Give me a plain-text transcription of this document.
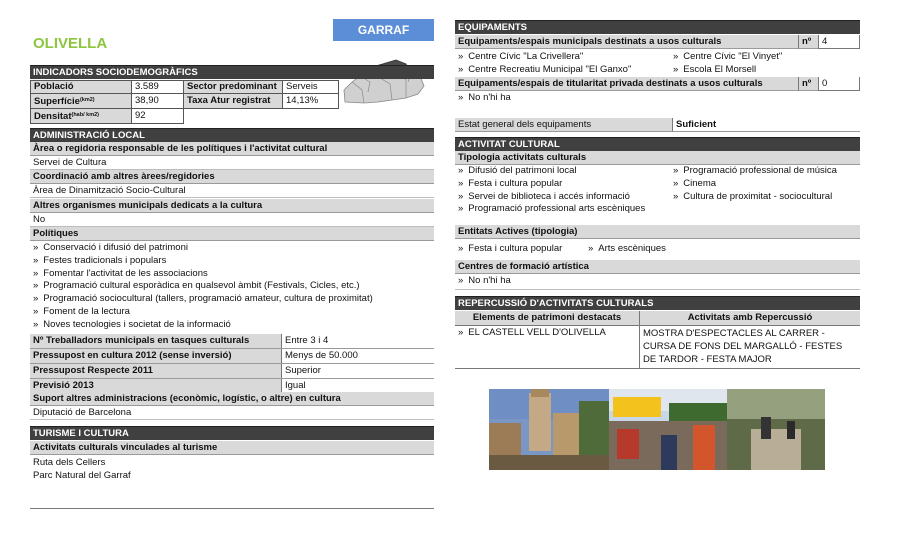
OLIVELLA
GARRAF
INDICADORS SOCIODEMOGRÀFICS
Població	3.589	Sector predominant	Serveis
Superfície$^{(km2)}$	38,90	Taxa Atur registrat	14,13%
Densitat$^{(hab/ km2)}$	92		
ADMINISTRACIÓ LOCAL
Àrea o regidoria responsable de les polítiques i l'activitat cultural
Servei de Cultura
Coordinació amb altres àrees/regidories
Àrea de Dinamització Socio-Cultural
Altres organismes municipals dedicats a la cultura
No
Polítiques
» Conservació i difusió del patrimoni
» Festes tradicionals i populars
» Fomentar l'activitat de les associacions
» Programació cultural esporàdica en qualsevol àmbit (Festivals, Cicles, etc.)
» Programació sociocultural (tallers, programació amateur, cultura de proximitat)
» Foment de la lectura
» Noves tecnologies i societat de la informació
Nº Treballadors municipals en tasques culturals	Entre 3 i 4
Pressupost en cultura 2012 (sense inversió)	Menys de 50.000
Pressupost Respecte 2011	Superior
Previsió 2013	Igual
Suport altres administracions (econòmic, logístic, o altre) en cultura
Diputació de Barcelona
TURISME I CULTURA
Activitats culturals vinculades al turisme
Ruta dels Cellers
Parc Natural del Garraf
EQUIPAMENTS
Equipaments/espais municipals destinats a usos culturals	nº	4
» Centre Cívic "La Crivellera"
» Centre Recreatiu Municipal "El Ganxo"
» Centre Cívic "El Vinyet"
» Escola El Morsell
Equipaments/espais de titularitat privada destinats a usos culturals	nº	0
» No n'hi ha
Estat general dels equipaments	Suficient
ACTIVITAT CULTURAL
Tipologia activitats culturals
» Difusió del patrimoni local
» Festa i cultura popular
» Servei de biblioteca i accés informació
» Programació professional arts escèniques
» Programació professional de música
» Cinema
» Cultura de proximitat - sociocultural
Entitats Actives (tipologia)
» Festa i cultura popular	» Arts escèniques
Centres de formació artística
» No n'hi ha
REPERCUSSIÓ D'ACTIVITATS CULTURALS
Elements de patrimoni destacats	Activitats amb Repercussió
» EL CASTELL VELL D'OLIVELLA	MOSTRA D'ESPECTACLES AL CARRER - CURSA DE FONS DEL MARGALLÓ - FESTES DE TARDOR - FESTA MAJOR
